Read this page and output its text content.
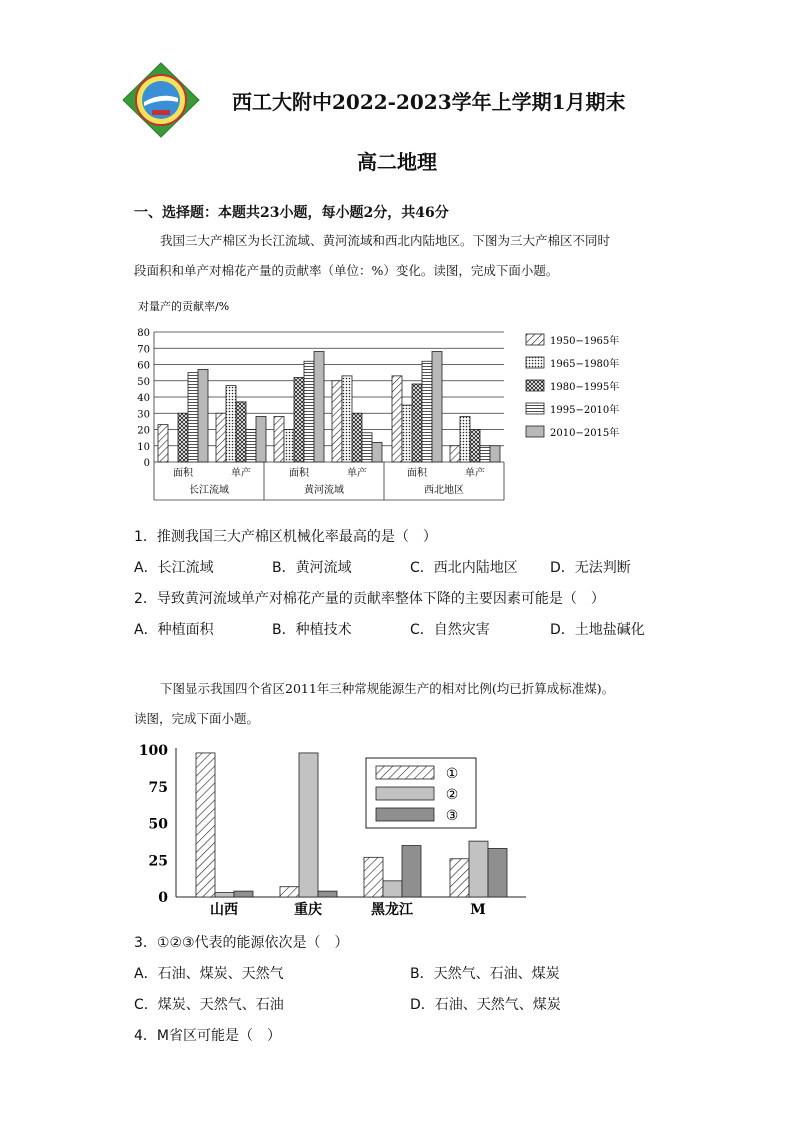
西工大附中2022-2023学年上学期1月期末
高二地理
一、选择题：本题共23小题，每小题2分，共46分
我国三大产棉区为长江流域、黄河流域和西北内陆地区。下图为三大产棉区不同时
段面积和单产对棉花产量的贡献率（单位：%）变化。读图，完成下面小题。
对量产的贡献率/%
0
10
20
30
40
50
60
70
80
面积	单产	面积	单产	面积	单产
长江流域	黄河流域	西北地区
1950−1965年
1965−1980年
1980−1995年
1995−2010年
2010−2015年
1．推测我国三大产棉区机械化率最高的是（　）
A．长江流域	B．黄河流域	C．西北内陆地区 D．无法判断
2．导致黄河流域单产对棉花产量的贡献率整体下降的主要因素可能是（　）
A．种植面积	B．种植技术	C．自然灾害	D．土地盐碱化
下图显示我国四个省区2011年三种常规能源生产的相对比例(均已折算成标准煤)。
读图，完成下面小题。
0
25
50
75
100
山西	重庆	黑龙江	M
①
②
③
3．①②③代表的能源依次是（　）
A．石油、煤炭、天然气	B．天然气、石油、煤炭
C．煤炭、天然气、石油	D．石油、天然气、煤炭
4．M省区可能是（　）
